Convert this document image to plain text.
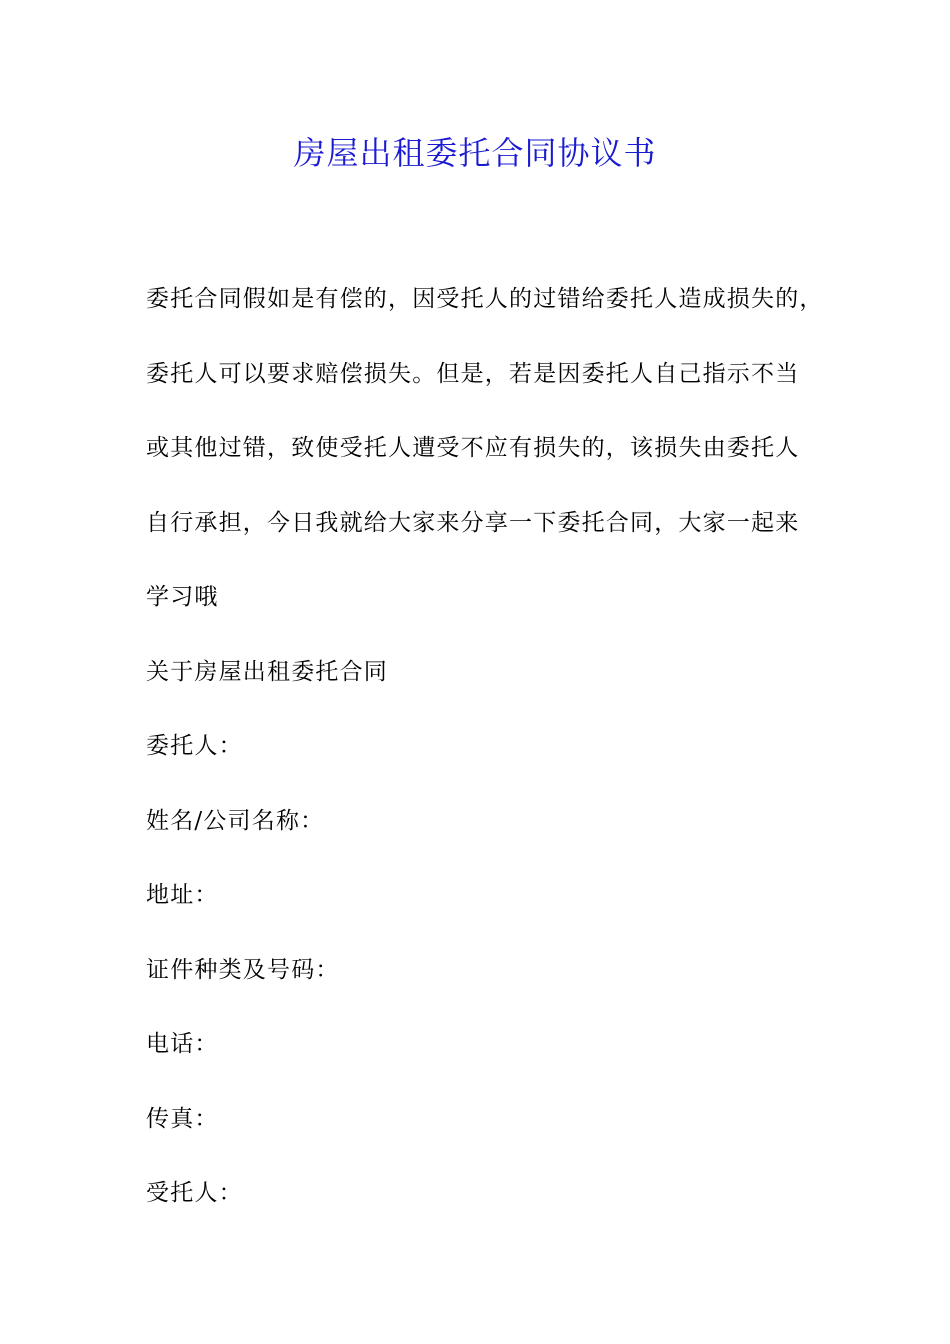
房屋出租委托合同协议书
委托合同假如是有偿的，因受托人的过错给委托人造成损失的，
委托人可以要求赔偿损失。但是，若是因委托人自己指示不当
或其他过错，致使受托人遭受不应有损失的，该损失由委托人
自行承担，今日我就给大家来分享一下委托合同，大家一起来
学习哦
关于房屋出租委托合同
委托人：
姓名/公司名称：
地址：
证件种类及号码：
电话：
传真：
受托人：
